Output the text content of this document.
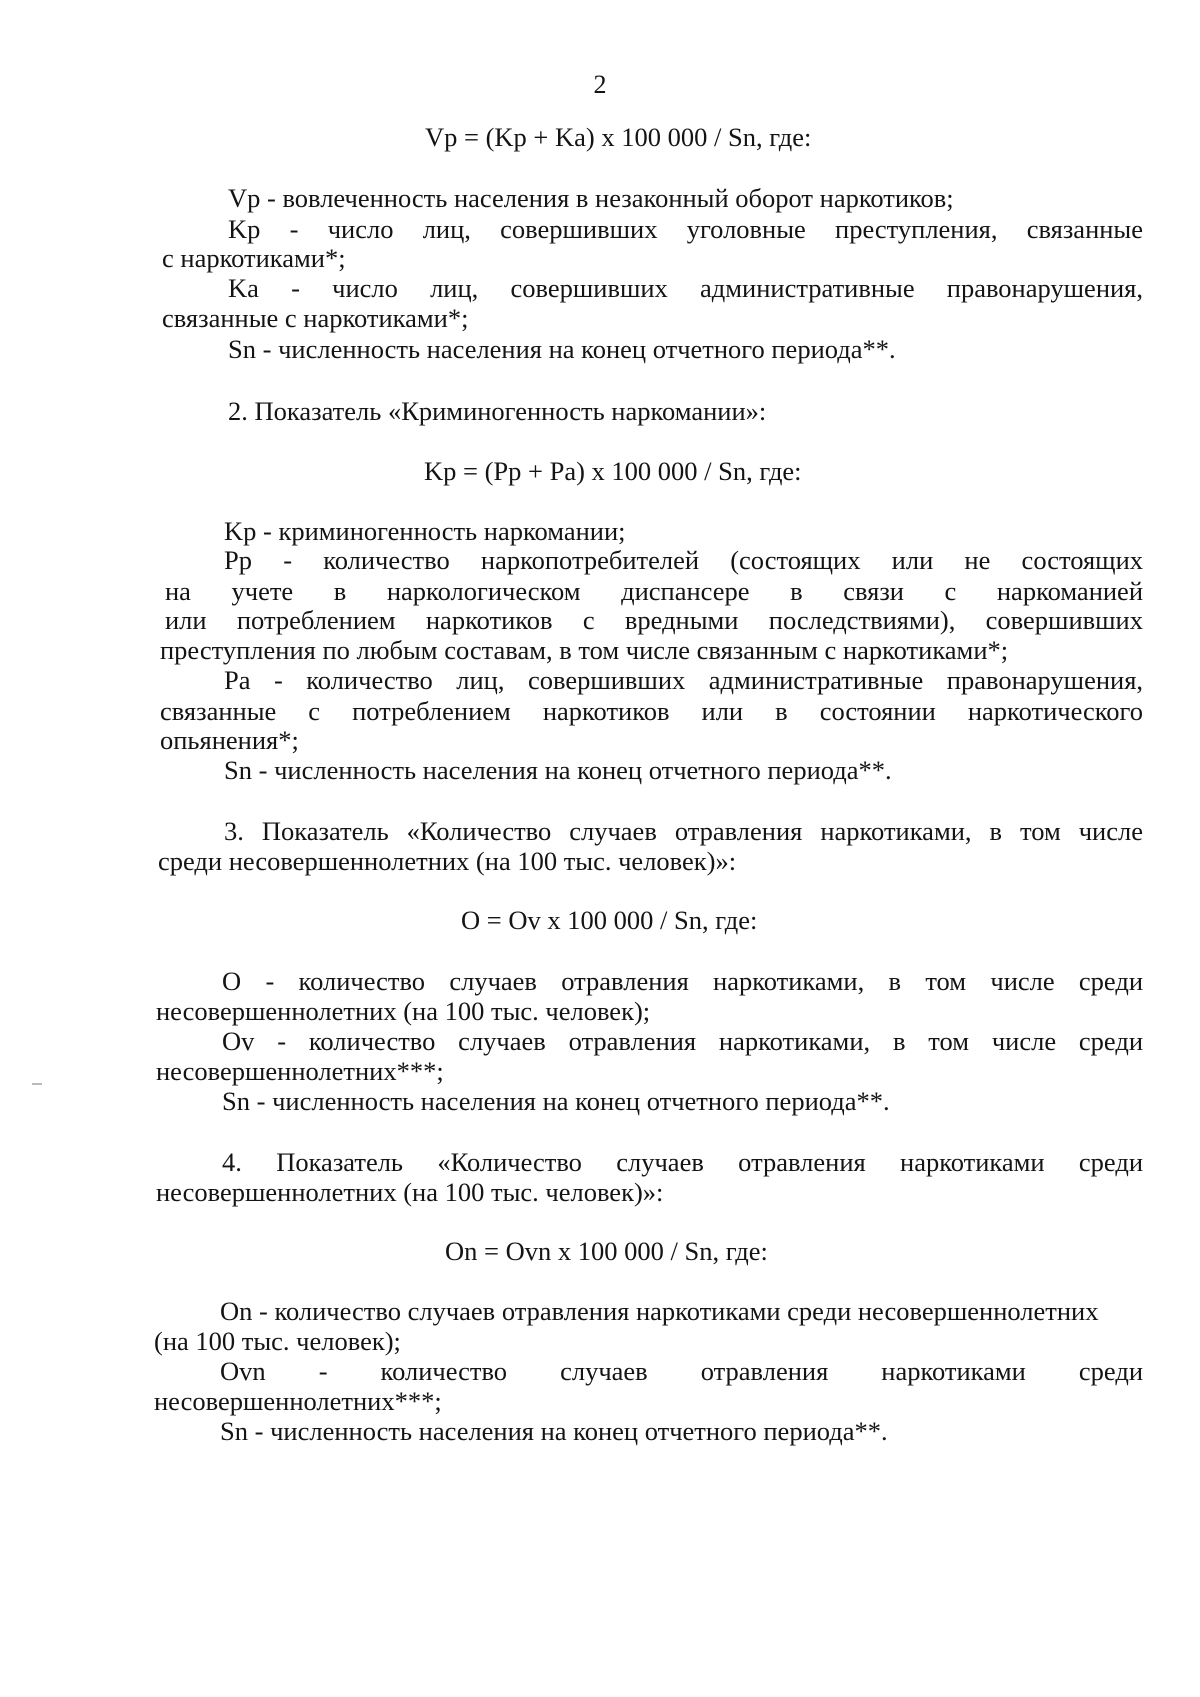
2
Vp = (Kp + Ka) x 100 000 / Sn, где:
Vp - вовлеченность населения в незаконный оборот наркотиков;
Kp - число лиц, совершивших уголовные преступления, связанные
с наркотиками*;
Ka - число лиц, совершивших административные правонарушения,
связанные с наркотиками*;
Sn - численность населения на конец отчетного периода**.
2. Показатель «Криминогенность наркомании»:
Kp = (Pp + Pa) x 100 000 / Sn, где:
Kp - криминогенность наркомании;
Pp - количество наркопотребителей (состоящих или не состоящих
на учете в наркологическом диспансере в связи с наркоманией
или потреблением наркотиков с вредными последствиями), совершивших
преступления по любым составам, в том числе связанным с наркотиками*;
Pa - количество лиц, совершивших административные правонарушения,
связанные с потреблением наркотиков или в состоянии наркотического
опьянения*;
Sn - численность населения на конец отчетного периода**.
3. Показатель «Количество случаев отравления наркотиками, в том числе
среди несовершеннолетних (на 100 тыс. человек)»:
O = Ov x 100 000 / Sn, где:
O - количество случаев отравления наркотиками, в том числе среди
несовершеннолетних (на 100 тыс. человек);
Ov - количество случаев отравления наркотиками, в том числе среди
несовершеннолетних***;
Sn - численность населения на конец отчетного периода**.
4. Показатель «Количество случаев отравления наркотиками среди
несовершеннолетних (на 100 тыс. человек)»:
On = Ovn x 100 000 / Sn, где:
On - количество случаев отравления наркотиками среди несовершеннолетних
(на 100 тыс. человек);
Ovn - количество случаев отравления наркотиками среди
несовершеннолетних***;
Sn - численность населения на конец отчетного периода**.
